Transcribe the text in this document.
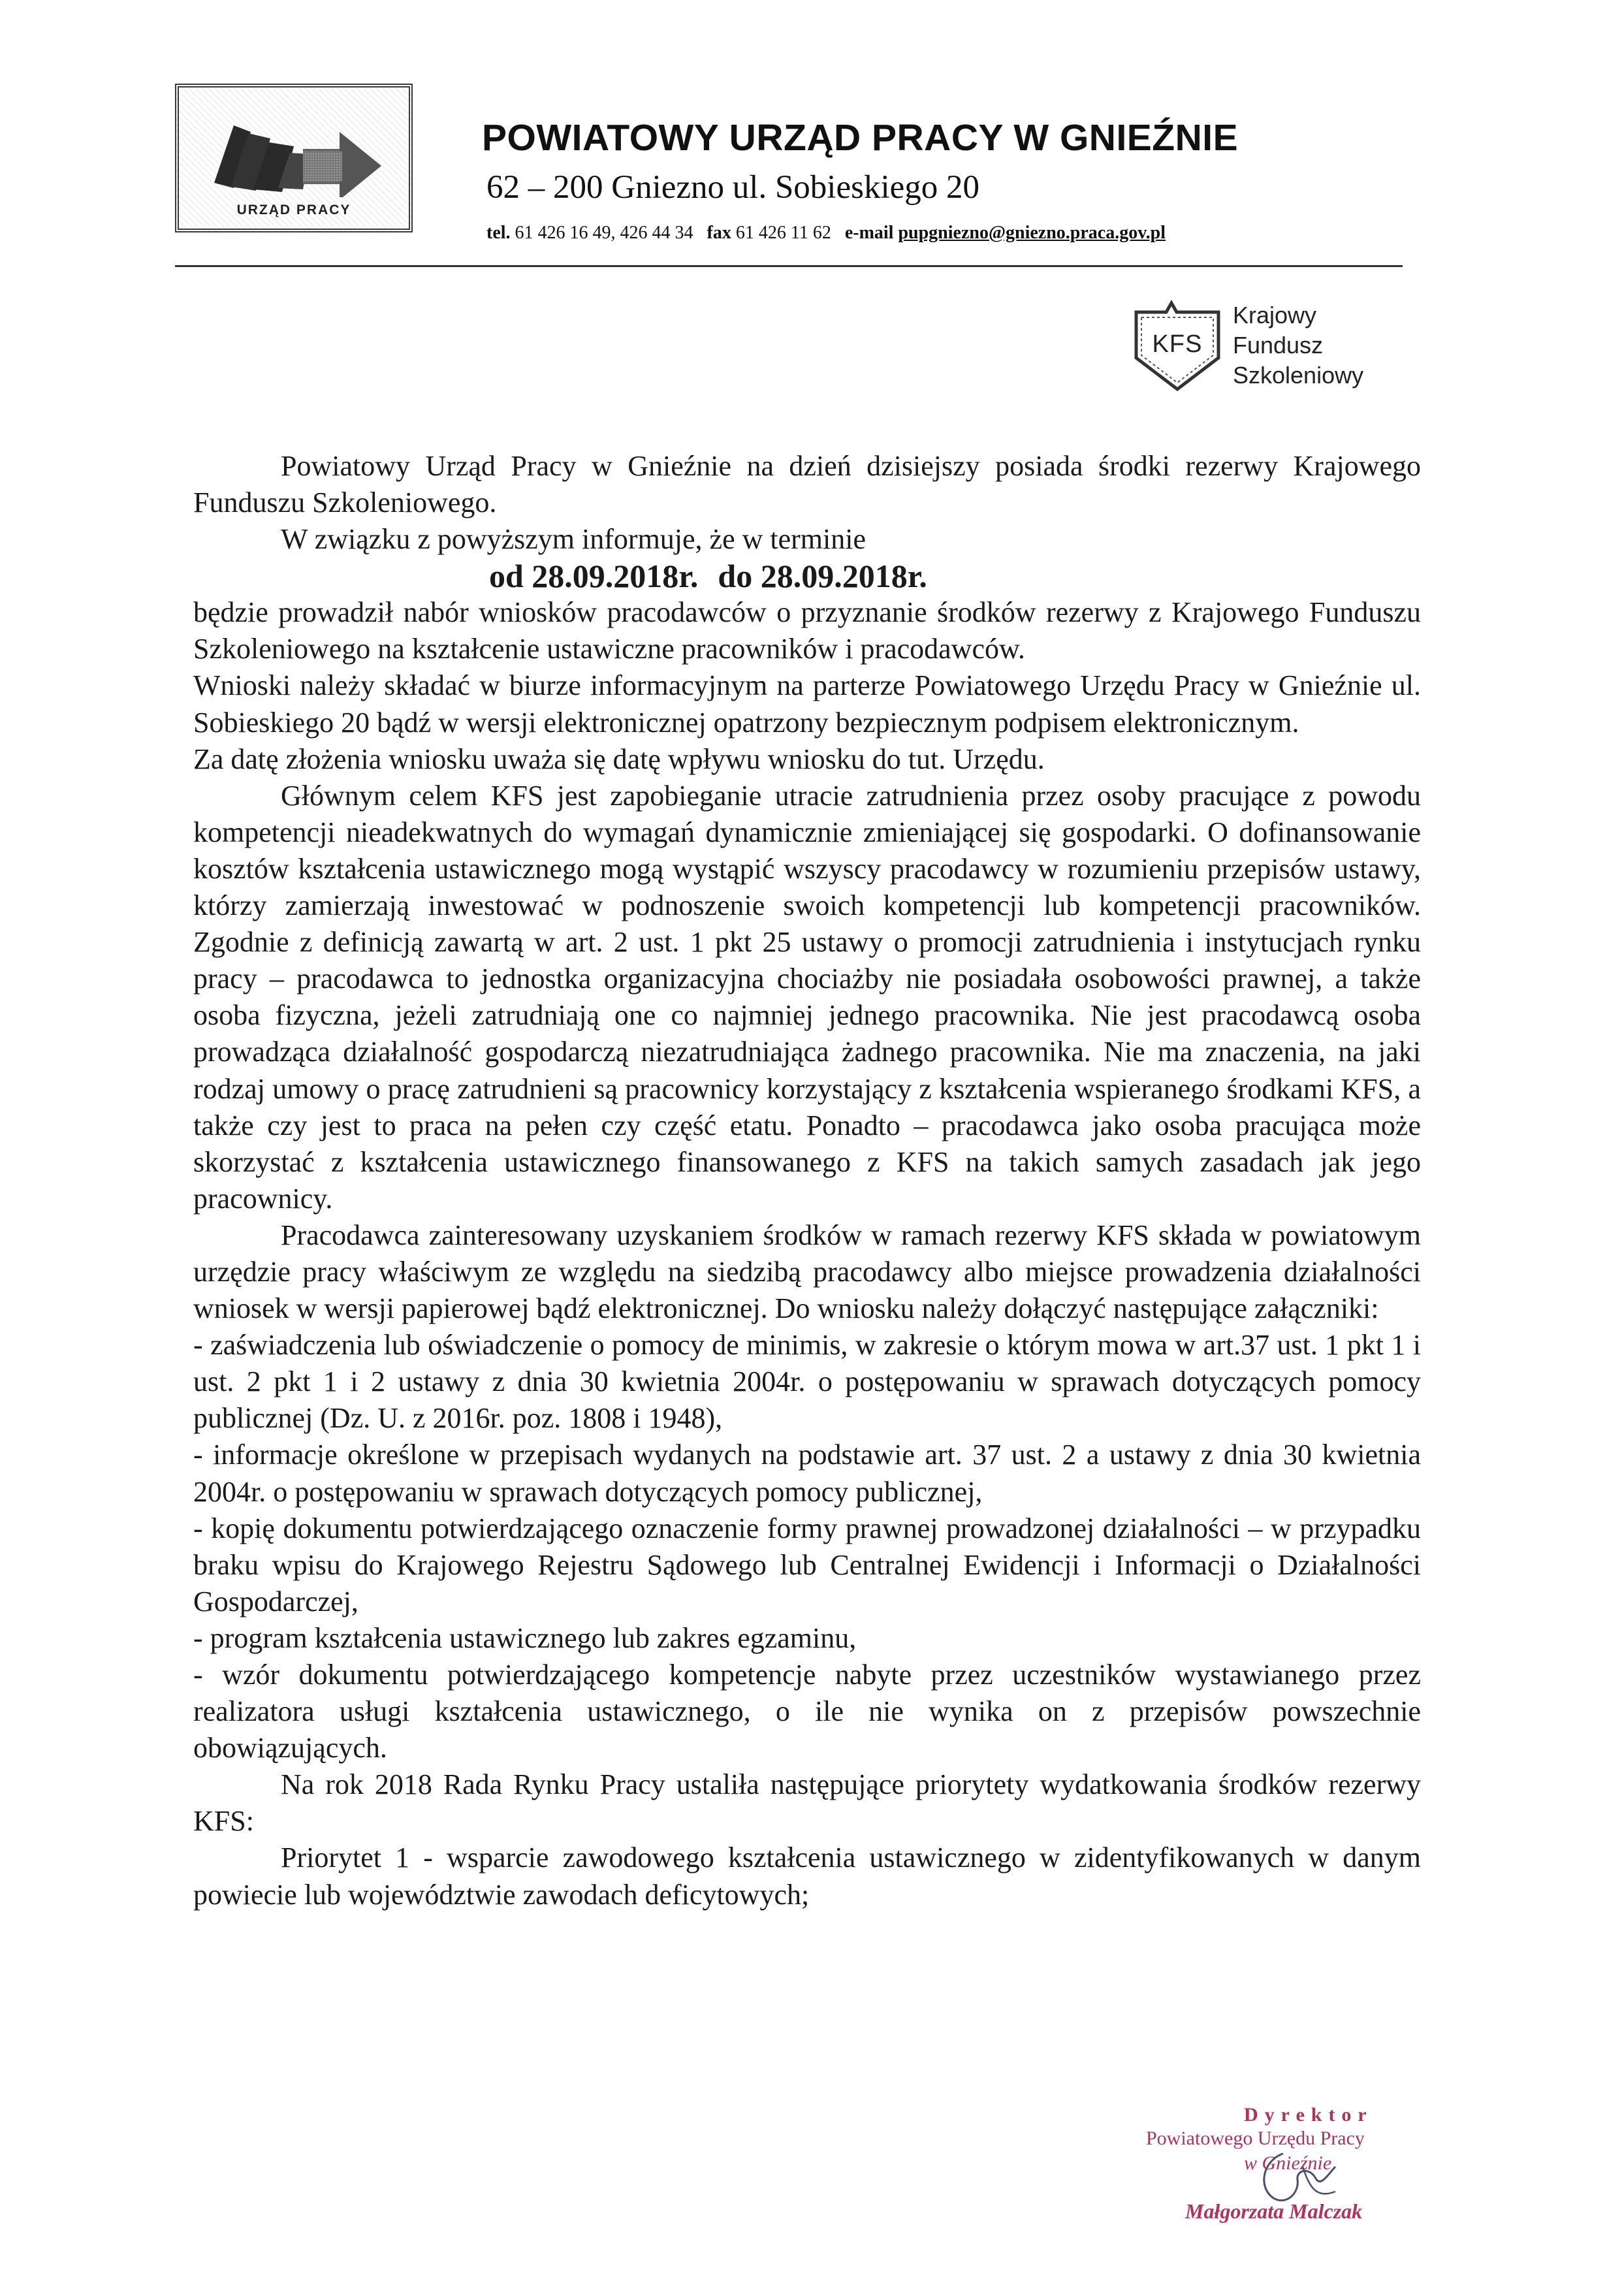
URZĄD PRACY
POWIATOWY URZĄD PRACY W GNIEŹNIE
62 – 200 Gniezno ul. Sobieskiego 20
tel. 61 426 16 49, 426 44 34 fax 61 426 11 62 e-mail pupgniezno@gniezno.praca.gov.pl
KFS
Krajowy
Fundusz
Szkoleniowy

Powiatowy Urząd Pracy w Gnieźnie na dzień dzisiejszy posiada środki rezerwy Krajowego Funduszu Szkoleniowego.

W związku z powyższym informuje, że w terminie

od 28.09.2018r. do 28.09.2018r.

będzie prowadził nabór wniosków pracodawców o przyznanie środków rezerwy z Krajowego Funduszu Szkoleniowego na kształcenie ustawiczne pracowników i pracodawców.

Wnioski należy składać w biurze informacyjnym na parterze Powiatowego Urzędu Pracy w Gnieźnie ul. Sobieskiego 20 bądź w wersji elektronicznej opatrzony bezpiecznym podpisem elektronicznym.

Za datę złożenia wniosku uważa się datę wpływu wniosku do tut. Urzędu.

Głównym celem KFS jest zapobieganie utracie zatrudnienia przez osoby pracujące z powodu kompetencji nieadekwatnych do wymagań dynamicznie zmieniającej się gospodarki. O dofinansowanie kosztów kształcenia ustawicznego mogą wystąpić wszyscy pracodawcy w rozumieniu przepisów ustawy, którzy zamierzają inwestować w podnoszenie swoich kompetencji lub kompetencji pracowników. Zgodnie z definicją zawartą w art. 2 ust. 1 pkt 25 ustawy o promocji zatrudnienia i instytucjach rynku pracy – pracodawca to jednostka organizacyjna chociażby nie posiadała osobowości prawnej, a także osoba fizyczna, jeżeli zatrudniają one co najmniej jednego pracownika. Nie jest pracodawcą osoba prowadząca działalność gospodarczą niezatrudniająca żadnego pracownika. Nie ma znaczenia, na jaki rodzaj umowy o pracę zatrudnieni są pracownicy korzystający z kształcenia wspieranego środkami KFS, a także czy jest to praca na pełen czy część etatu. Ponadto – pracodawca jako osoba pracująca może skorzystać z kształcenia ustawicznego finansowanego z KFS na takich samych zasadach jak jego pracownicy.

Pracodawca zainteresowany uzyskaniem środków w ramach rezerwy KFS składa w powiatowym urzędzie pracy właściwym ze względu na siedzibą pracodawcy albo miejsce prowadzenia działalności wniosek w wersji papierowej bądź elektronicznej. Do wniosku należy dołączyć następujące załączniki:

- zaświadczenia lub oświadczenie o pomocy de minimis, w zakresie o którym mowa w art.37 ust. 1 pkt 1 i ust. 2 pkt 1 i 2 ustawy z dnia 30 kwietnia 2004r. o postępowaniu w sprawach dotyczących pomocy publicznej (Dz. U. z 2016r. poz. 1808 i 1948),

- informacje określone w przepisach wydanych na podstawie art. 37 ust. 2 a ustawy z dnia 30 kwietnia 2004r. o postępowaniu w sprawach dotyczących pomocy publicznej,

- kopię dokumentu potwierdzającego oznaczenie formy prawnej prowadzonej działalności – w przypadku braku wpisu do Krajowego Rejestru Sądowego lub Centralnej Ewidencji i Informacji o Działalności Gospodarczej,

- program kształcenia ustawicznego lub zakres egzaminu,

- wzór dokumentu potwierdzającego kompetencje nabyte przez uczestników wystawianego przez realizatora usługi kształcenia ustawicznego, o ile nie wynika on z przepisów powszechnie obowiązujących.

Na rok 2018 Rada Rynku Pracy ustaliła następujące priorytety wydatkowania środków rezerwy KFS:

Priorytet 1 - wsparcie zawodowego kształcenia ustawicznego w zidentyfikowanych w danym powiecie lub województwie zawodach deficytowych;

Dyrektor
Powiatowego Urzędu Pracy
w Gnieźnie
Małgorzata Malczak
